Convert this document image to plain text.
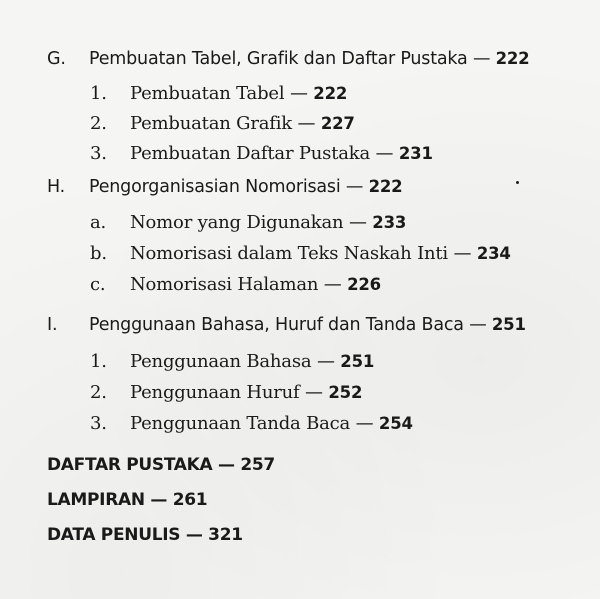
G. Pembuatan Tabel, Grafik dan Daftar Pustaka — 222
1. Pembuatan Tabel — 222
2. Pembuatan Grafik — 227
3. Pembuatan Daftar Pustaka — 231
H. Pengorganisasian Nomorisasi — 222
a. Nomor yang Digunakan — 233
b. Nomorisasi dalam Teks Naskah Inti — 234
c. Nomorisasi Halaman — 226
I. Penggunaan Bahasa, Huruf dan Tanda Baca — 251
1. Penggunaan Bahasa — 251
2. Penggunaan Huruf — 252
3. Penggunaan Tanda Baca — 254
DAFTAR PUSTAKA — 257
LAMPIRAN — 261
DATA PENULIS — 321
